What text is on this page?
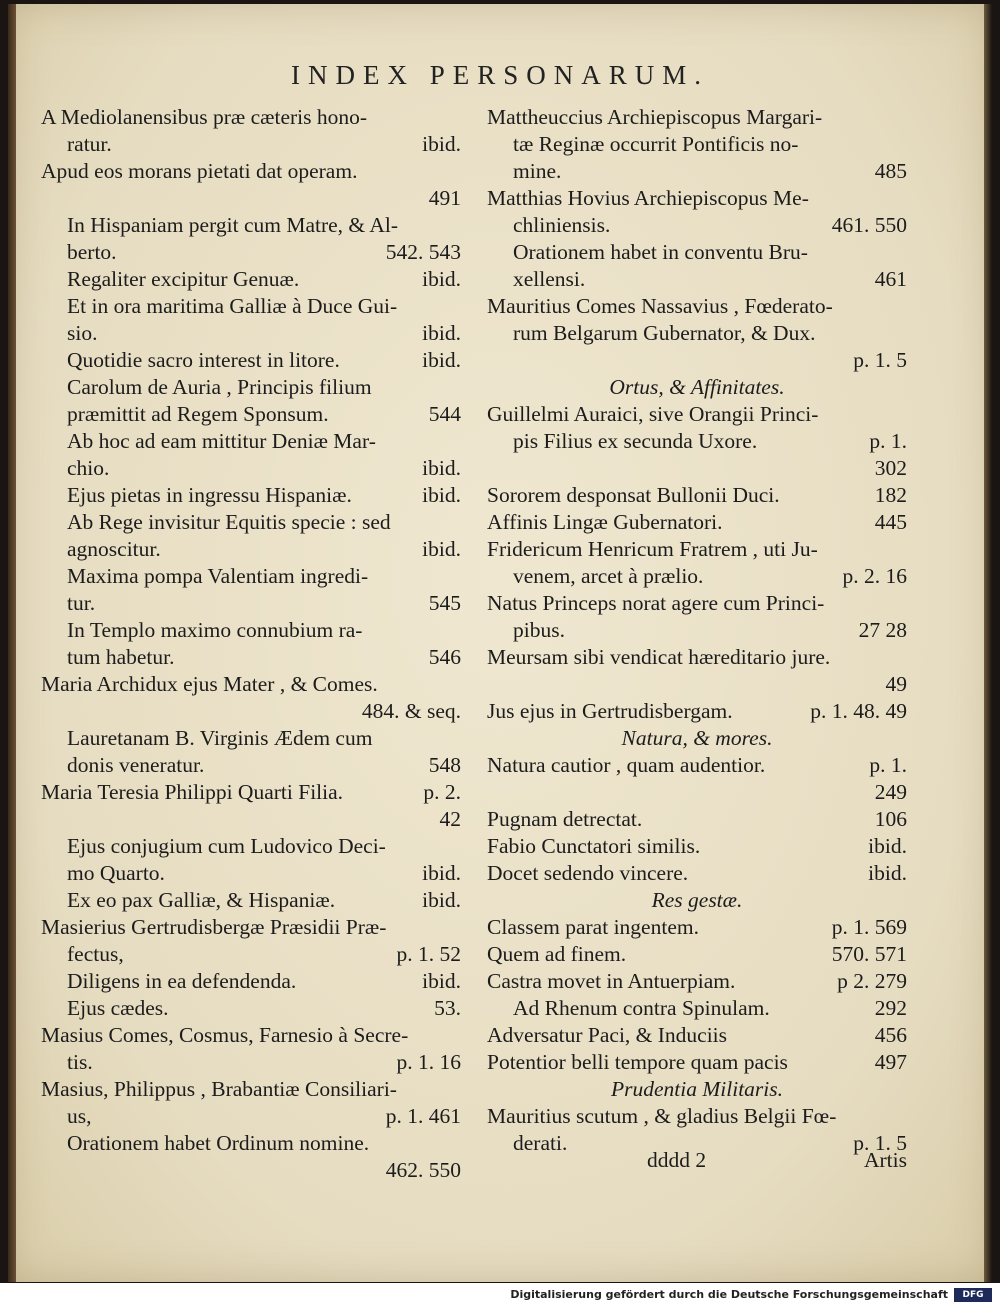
INDEX PERSONARUM.
A Mediolanensibus præ cæteris hono-
ratur.	ibid.
Apud eos morans pietati dat operam.
491
In Hispaniam pergit cum Matre, & Al-
berto.	542. 543
Regaliter excipitur Genuæ.	ibid.
Et in ora maritima Galliæ à Duce Gui-
sio.	ibid.
Quotidie sacro interest in litore.	ibid.
Carolum de Auria , Principis filium
præmittit ad Regem Sponsum.	544
Ab hoc ad eam mittitur Deniæ Mar-
chio.	ibid.
Ejus pietas in ingressu Hispaniæ.	ibid.
Ab Rege invisitur Equitis specie : sed
agnoscitur.	ibid.
Maxima pompa Valentiam ingredi-
tur.	545
In Templo maximo connubium ra-
tum habetur.	546
Maria Archidux ejus Mater , & Comes.
484. & seq.
Lauretanam B. Virginis Ædem cum
donis veneratur.	548
Maria Teresia Philippi Quarti Filia.	p. 2.
42
Ejus conjugium cum Ludovico Deci-
mo Quarto.	ibid.
Ex eo pax Galliæ, & Hispaniæ.	ibid.
Masierius Gertrudisbergæ Præsidii Præ-
fectus,	p. 1. 52
Diligens in ea defendenda.	ibid.
Ejus cædes.	53.
Masius Comes, Cosmus, Farnesio à Secre-
tis.	p. 1. 16
Masius, Philippus , Brabantiæ Consiliari-
us,	p. 1. 461
Orationem habet Ordinum nomine.
462. 550
Mattheuccius Archiepiscopus Margari-
tæ Reginæ occurrit Pontificis no-
mine.	485
Matthias Hovius Archiepiscopus Me-
chliniensis.	461. 550
Orationem habet in conventu Bru-
xellensi.	461
Mauritius Comes Nassavius , Fœderato-
rum Belgarum Gubernator, & Dux.
p. 1. 5
Ortus, & Affinitates.
Guillelmi Auraici, sive Orangii Princi-
pis Filius ex secunda Uxore.	p. 1.
302
Sororem desponsat Bullonii Duci.	182
Affinis Lingæ Gubernatori.	445
Fridericum Henricum Fratrem , uti Ju-
venem, arcet à prælio.	p. 2. 16
Natus Princeps norat agere cum Princi-
pibus.	27 28
Meursam sibi vendicat hæreditario jure.
49
Jus ejus in Gertrudisbergam.	p. 1. 48. 49
Natura, & mores.
Natura cautior , quam audentior.	p. 1.
249
Pugnam detrectat.	106
Fabio Cunctatori similis.	ibid.
Docet sedendo vincere.	ibid.
Res gestæ.
Classem parat ingentem.	p. 1. 569
Quem ad finem.	570. 571
Castra movet in Antuerpiam.	p 2. 279
Ad Rhenum contra Spinulam.	292
Adversatur Paci, & Induciis	456
Potentior belli tempore quam pacis	497
Prudentia Militaris.
Mauritius scutum , & gladius Belgii Fœ-
derati.	p. 1. 5
dddd 2	Artis
Digitalisierung gefördert durch die Deutsche Forschungsgemeinschaft	DFG
